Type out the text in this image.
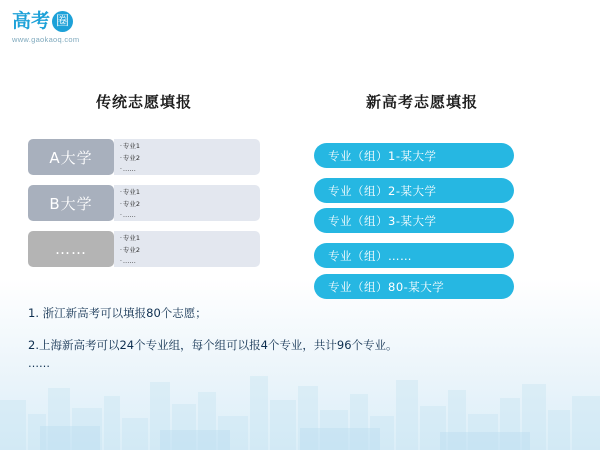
高 考 圈
www.gaokaoq.com
传统志愿填报	新高考志愿填报
A大学
·专业1
·专业2
·……
B大学
·专业1
·专业2
·……
……
·专业1
·专业2
·……
专业（组）1-某大学
专业（组）2-某大学
专业（组）3-某大学
专业（组）……
专业（组）80-某大学
1. 浙江新高考可以填报80个志愿；
2.上海新高考可以24个专业组，每个组可以报4个专业，共计96个专业。
……
